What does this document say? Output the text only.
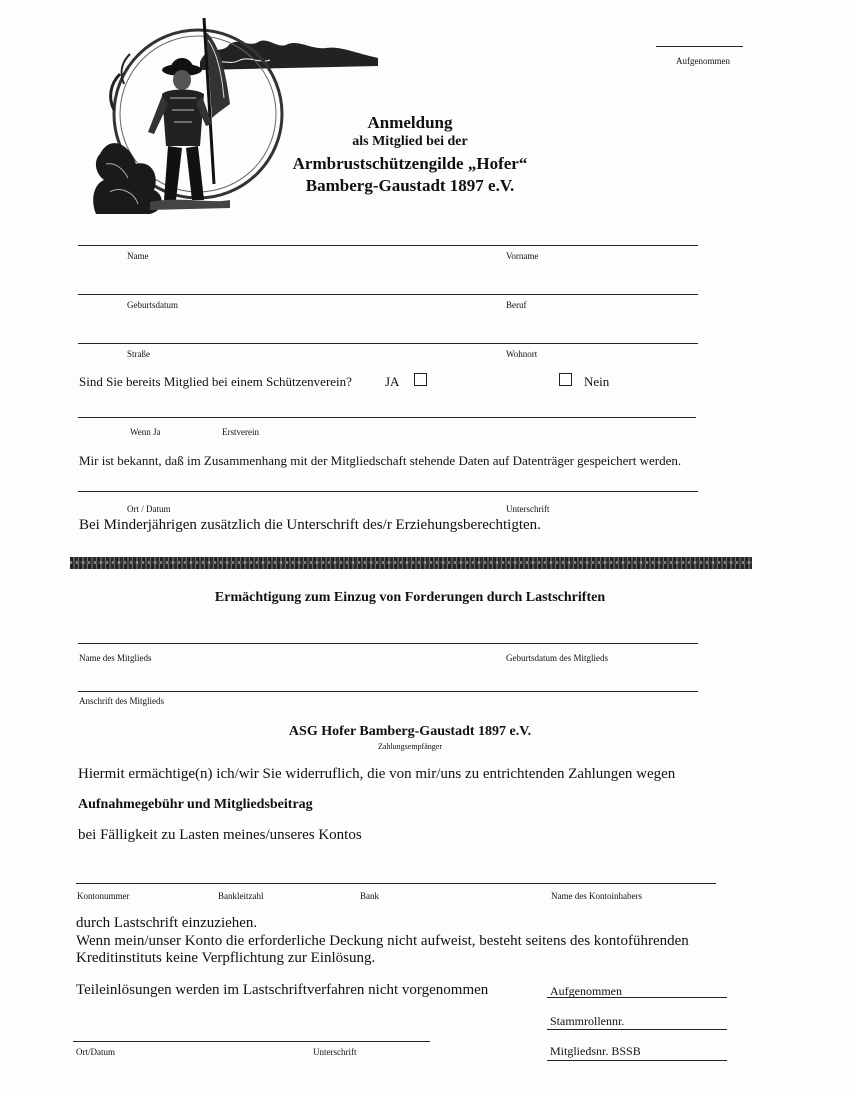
Aufgenommen
Anmeldung
als Mitglied bei der
Armbrustschützengilde „Hofer“
Bamberg-Gaustadt 1897 e.V.
Name	Vorname
Geburtsdatum	Beruf
Straße	Wohnort
Sind Sie bereits Mitglied bei einem Schützenverein?	JA	Nein
Wenn Ja	Erstverein
Mir ist bekannt, daß im Zusammenhang mit der Mitgliedschaft stehende Daten auf Datenträger gespeichert werden.
Ort / Datum	Unterschrift
Bei Minderjährigen zusätzlich die Unterschrift des/r Erziehungsberechtigten.
Ermächtigung zum Einzug von Forderungen durch Lastschriften
Name des Mitglieds	Geburtsdatum des Mitglieds
Anschrift des Mitglieds
ASG Hofer Bamberg-Gaustadt 1897 e.V.
Zahlungsempfänger
Hiermit ermächtige(n) ich/wir Sie widerruflich, die von mir/uns zu entrichtenden Zahlungen wegen
Aufnahmegebühr und Mitgliedsbeitrag
bei Fälligkeit zu Lasten meines/unseres Kontos
Kontonummer	Bankleitzahl	Bank	Name des Kontoinhabers
durch Lastschrift einzuziehen.
Wenn mein/unser Konto die erforderliche Deckung nicht aufweist, besteht seitens des kontoführenden
Kreditinstituts keine Verpflichtung zur Einlösung.
Teileinlösungen werden im Lastschriftverfahren nicht vorgenommen	Aufgenommen
Stammrollennr.
Mitgliedsnr. BSSB
Ort/Datum	Unterschrift
